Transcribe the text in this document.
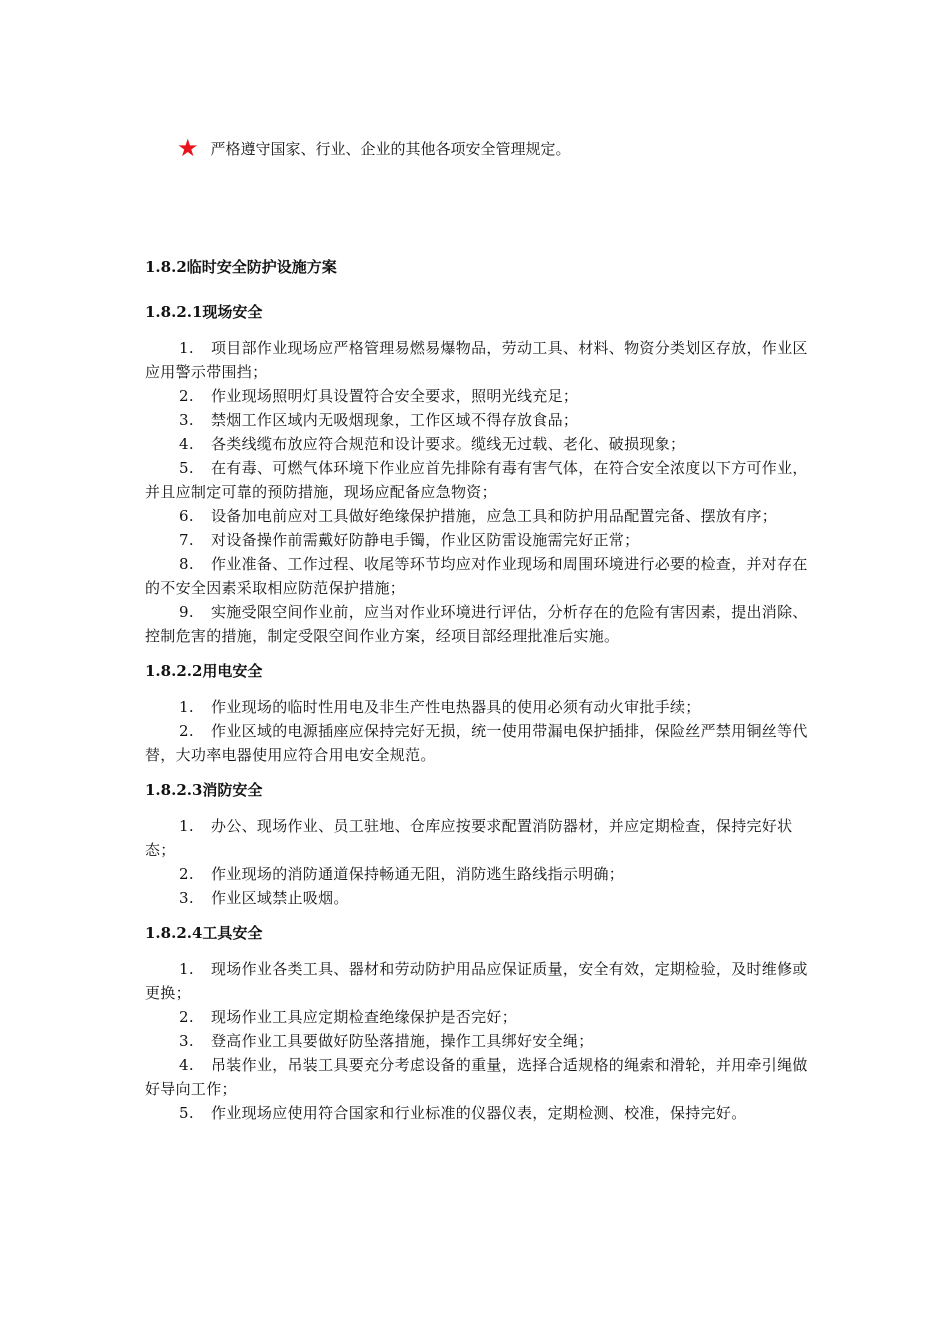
★ 严格遵守国家、行业、企业的其他各项安全管理规定。
1.8.2临时安全防护设施方案
1.8.2.1现场安全

1. 项目部作业现场应严格管理易燃易爆物品，劳动工具、材料、物资分类划区存放，作业区应用警示带围挡；

2. 作业现场照明灯具设置符合安全要求，照明光线充足；

3. 禁烟工作区域内无吸烟现象，工作区域不得存放食品；

4. 各类线缆布放应符合规范和设计要求。缆线无过载、老化、破损现象；

5. 在有毒、可燃气体环境下作业应首先排除有毒有害气体，在符合安全浓度以下方可作业，并且应制定可靠的预防措施，现场应配备应急物资；

6. 设备加电前应对工具做好绝缘保护措施，应急工具和防护用品配置完备、摆放有序；

7. 对设备操作前需戴好防静电手镯，作业区防雷设施需完好正常；

8. 作业准备、工作过程、收尾等环节均应对作业现场和周围环境进行必要的检查，并对存在的不安全因素采取相应防范保护措施；

9. 实施受限空间作业前，应当对作业环境进行评估，分析存在的危险有害因素，提出消除、控制危害的措施，制定受限空间作业方案，经项目部经理批准后实施。

1.8.2.2用电安全

1. 作业现场的临时性用电及非生产性电热器具的使用必须有动火审批手续；

2. 作业区域的电源插座应保持完好无损，统一使用带漏电保护插排，保险丝严禁用铜丝等代替，大功率电器使用应符合用电安全规范。

1.8.2.3消防安全

1. 办公、现场作业、员工驻地、仓库应按要求配置消防器材，并应定期检查，保持完好状态；

2. 作业现场的消防通道保持畅通无阻，消防逃生路线指示明确；

3. 作业区域禁止吸烟。

1.8.2.4工具安全

1. 现场作业各类工具、器材和劳动防护用品应保证质量，安全有效，定期检验，及时维修或更换；

2. 现场作业工具应定期检查绝缘保护是否完好；

3. 登高作业工具要做好防坠落措施，操作工具绑好安全绳；

4. 吊装作业，吊装工具要充分考虑设备的重量，选择合适规格的绳索和滑轮，并用牵引绳做好导向工作；

5. 作业现场应使用符合国家和行业标准的仪器仪表，定期检测、校准，保持完好。
